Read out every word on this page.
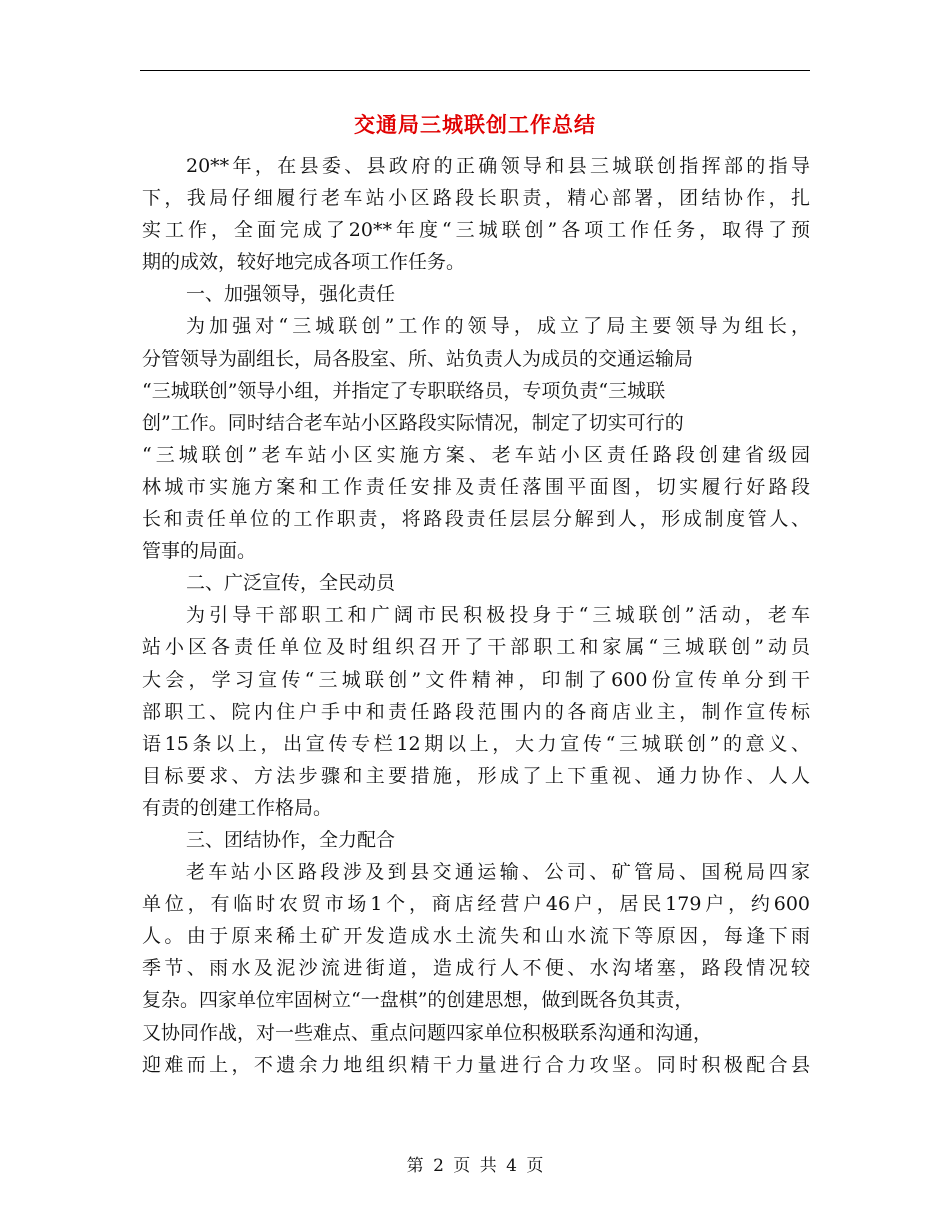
交通局三城联创工作总结
20**年，在县委、县政府的正确领导和县三城联创指挥部的指导
下，我局仔细履行老车站小区路段长职责，精心部署，团结协作，扎
实工作，全面完成了20**年度“三城联创”各项工作任务，取得了预
期的成效，较好地完成各项工作任务。
一、加强领导，强化责任
为加强对“三城联创”工作的领导，成立了局主要领导为组长，
分管领导为副组长，局各股室、所、站负责人为成员的交通运输局
“三城联创”领导小组，并指定了专职联络员，专项负责“三城联
创”工作。同时结合老车站小区路段实际情况，制定了切实可行的
“三城联创”老车站小区实施方案、老车站小区责任路段创建省级园
林城市实施方案和工作责任安排及责任落围平面图，切实履行好路段
长和责任单位的工作职责，将路段责任层层分解到人，形成制度管人、
管事的局面。
二、广泛宣传，全民动员
为引导干部职工和广阔市民积极投身于“三城联创”活动，老车
站小区各责任单位及时组织召开了干部职工和家属“三城联创”动员
大会，学习宣传“三城联创”文件精神，印制了600份宣传单分到干
部职工、院内住户手中和责任路段范围内的各商店业主，制作宣传标
语15条以上，出宣传专栏12期以上，大力宣传“三城联创”的意义、
目标要求、方法步骤和主要措施，形成了上下重视、通力协作、人人
有责的创建工作格局。
三、团结协作，全力配合
老车站小区路段涉及到县交通运输、公司、矿管局、国税局四家
单位，有临时农贸市场1个，商店经营户46户，居民179户，约600
人。由于原来稀土矿开发造成水土流失和山水流下等原因，每逢下雨
季节、雨水及泥沙流进街道，造成行人不便、水沟堵塞，路段情况较
复杂。四家单位牢固树立“一盘棋”的创建思想，做到既各负其责，
又协同作战，对一些难点、重点问题四家单位积极联系沟通和沟通，
迎难而上，不遗余力地组织精干力量进行合力攻坚。同时积极配合县
第 2 页 共 4 页
